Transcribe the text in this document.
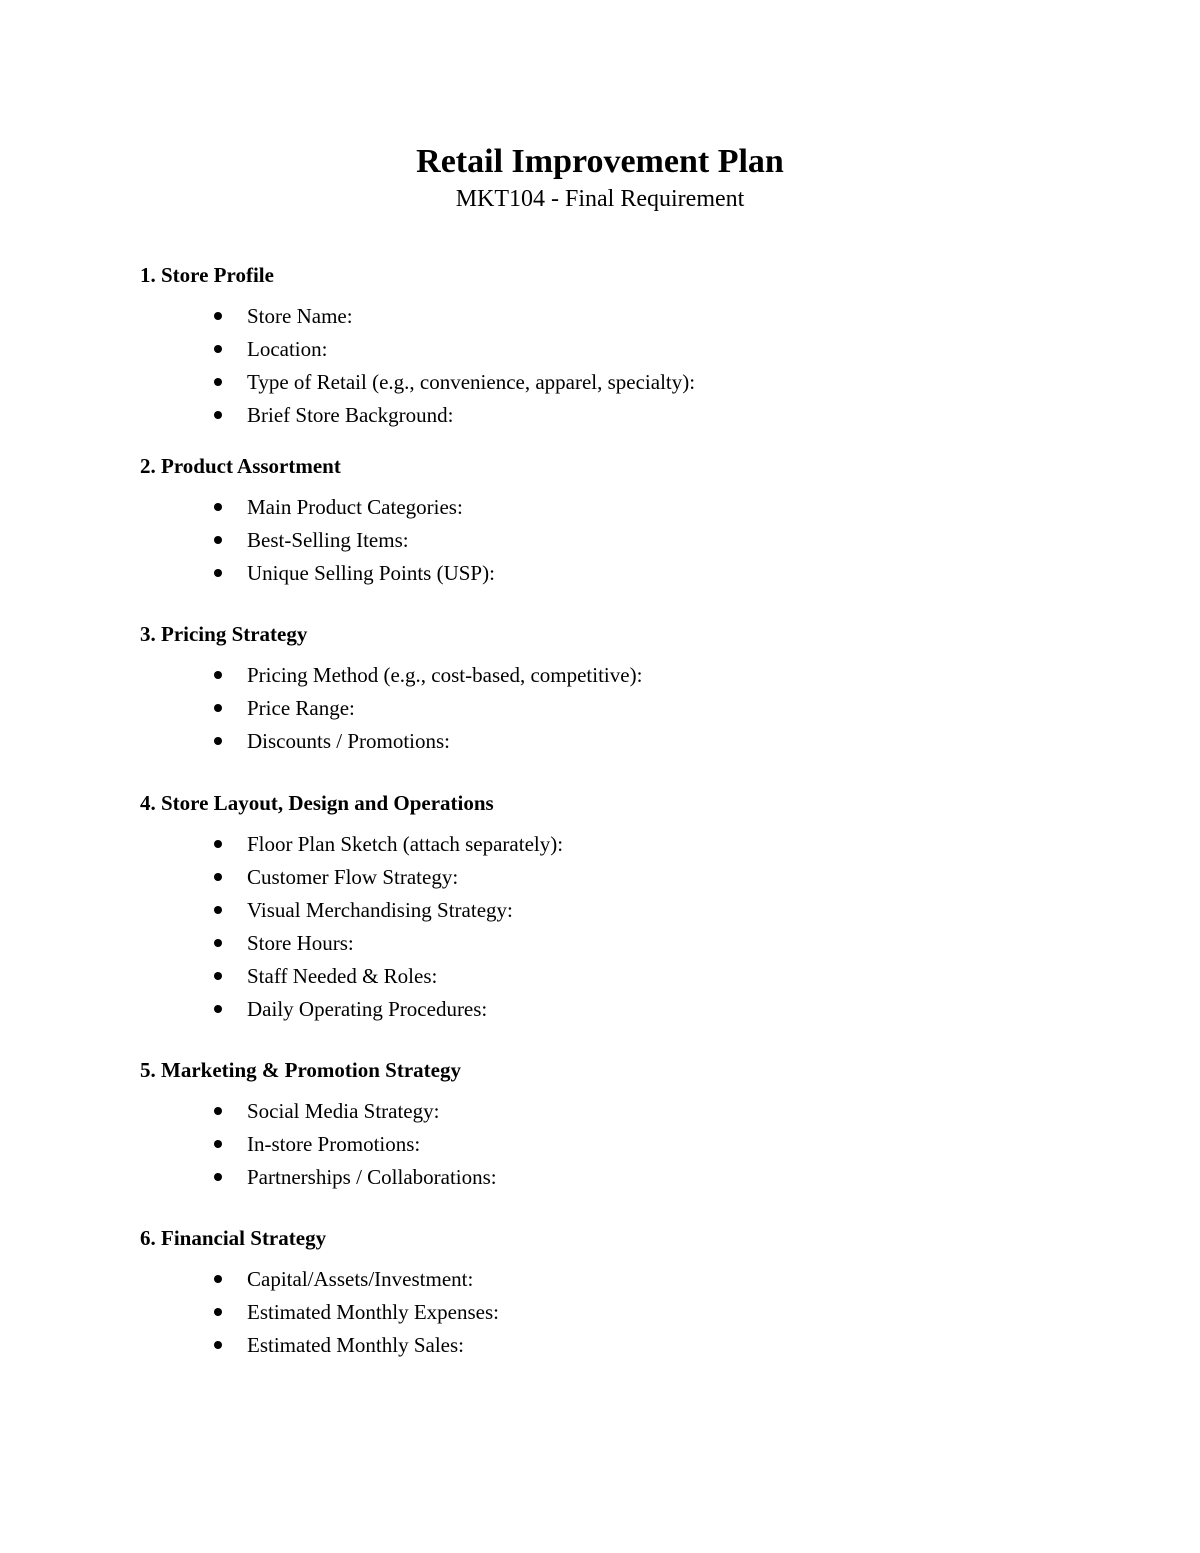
Retail Improvement Plan
MKT104 - Final Requirement
1. Store Profile
Store Name:
Location:
Type of Retail (e.g., convenience, apparel, specialty):
Brief Store Background:
2. Product Assortment
Main Product Categories:
Best-Selling Items:
Unique Selling Points (USP):
3. Pricing Strategy
Pricing Method (e.g., cost-based, competitive):
Price Range:
Discounts / Promotions:
4. Store Layout, Design and Operations
Floor Plan Sketch (attach separately):
Customer Flow Strategy:
Visual Merchandising Strategy:
Store Hours:
Staff Needed & Roles:
Daily Operating Procedures:
5. Marketing & Promotion Strategy
Social Media Strategy:
In-store Promotions:
Partnerships / Collaborations:
6. Financial Strategy
Capital/Assets/Investment:
Estimated Monthly Expenses:
Estimated Monthly Sales:
